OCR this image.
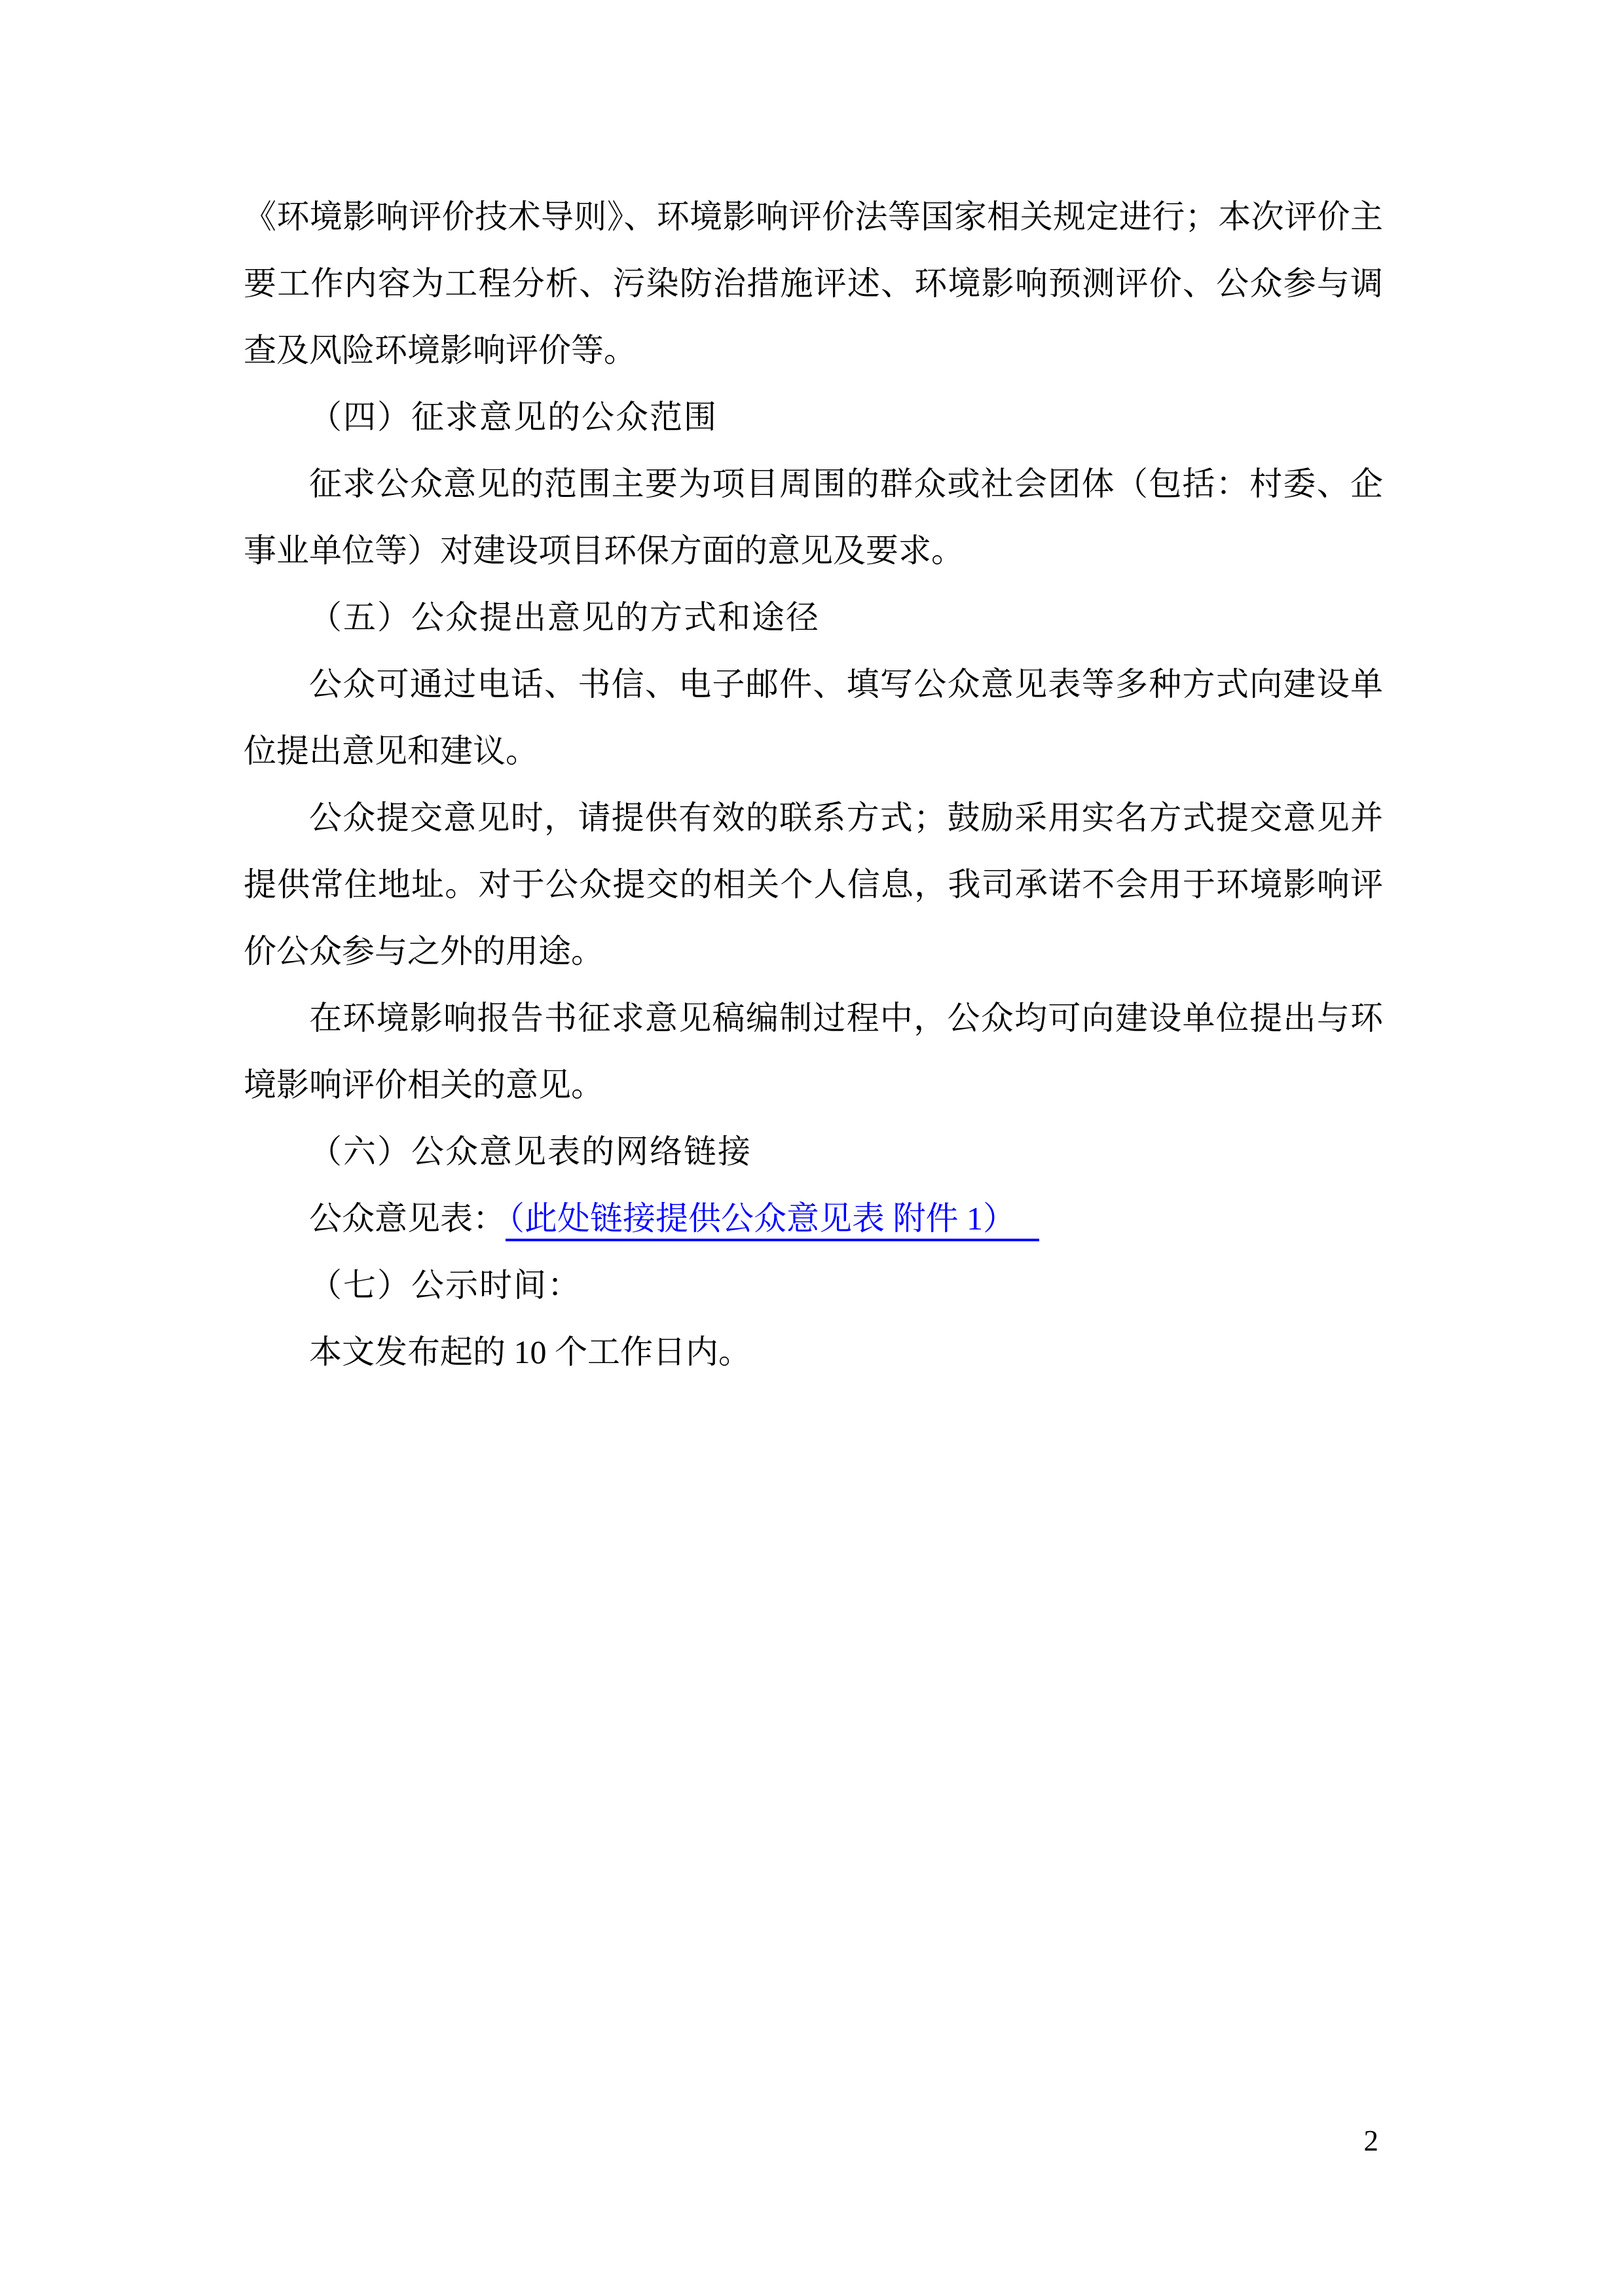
《环境影响评价技术导则》、环境影响评价法等国家相关规定进行；本次评价主要工作内容为工程分析、污染防治措施评述、环境影响预测评价、公众参与调查及风险环境影响评价等。

（四）征求意见的公众范围

征求公众意见的范围主要为项目周围的群众或社会团体（包括：村委、企事业单位等）对建设项目环保方面的意见及要求。

（五）公众提出意见的方式和途径

公众可通过电话、书信、电子邮件、填写公众意见表等多种方式向建设单位提出意见和建议。

公众提交意见时，请提供有效的联系方式；鼓励采用实名方式提交意见并提供常住地址。对于公众提交的相关个人信息，我司承诺不会用于环境影响评价公众参与之外的用途。

在环境影响报告书征求意见稿编制过程中，公众均可向建设单位提出与环境影响评价相关的意见。

（六）公众意见表的网络链接

公众意见表：（此处链接提供公众意见表 附件 1）

（七）公示时间：

本文发布起的 10 个工作日内。

2
